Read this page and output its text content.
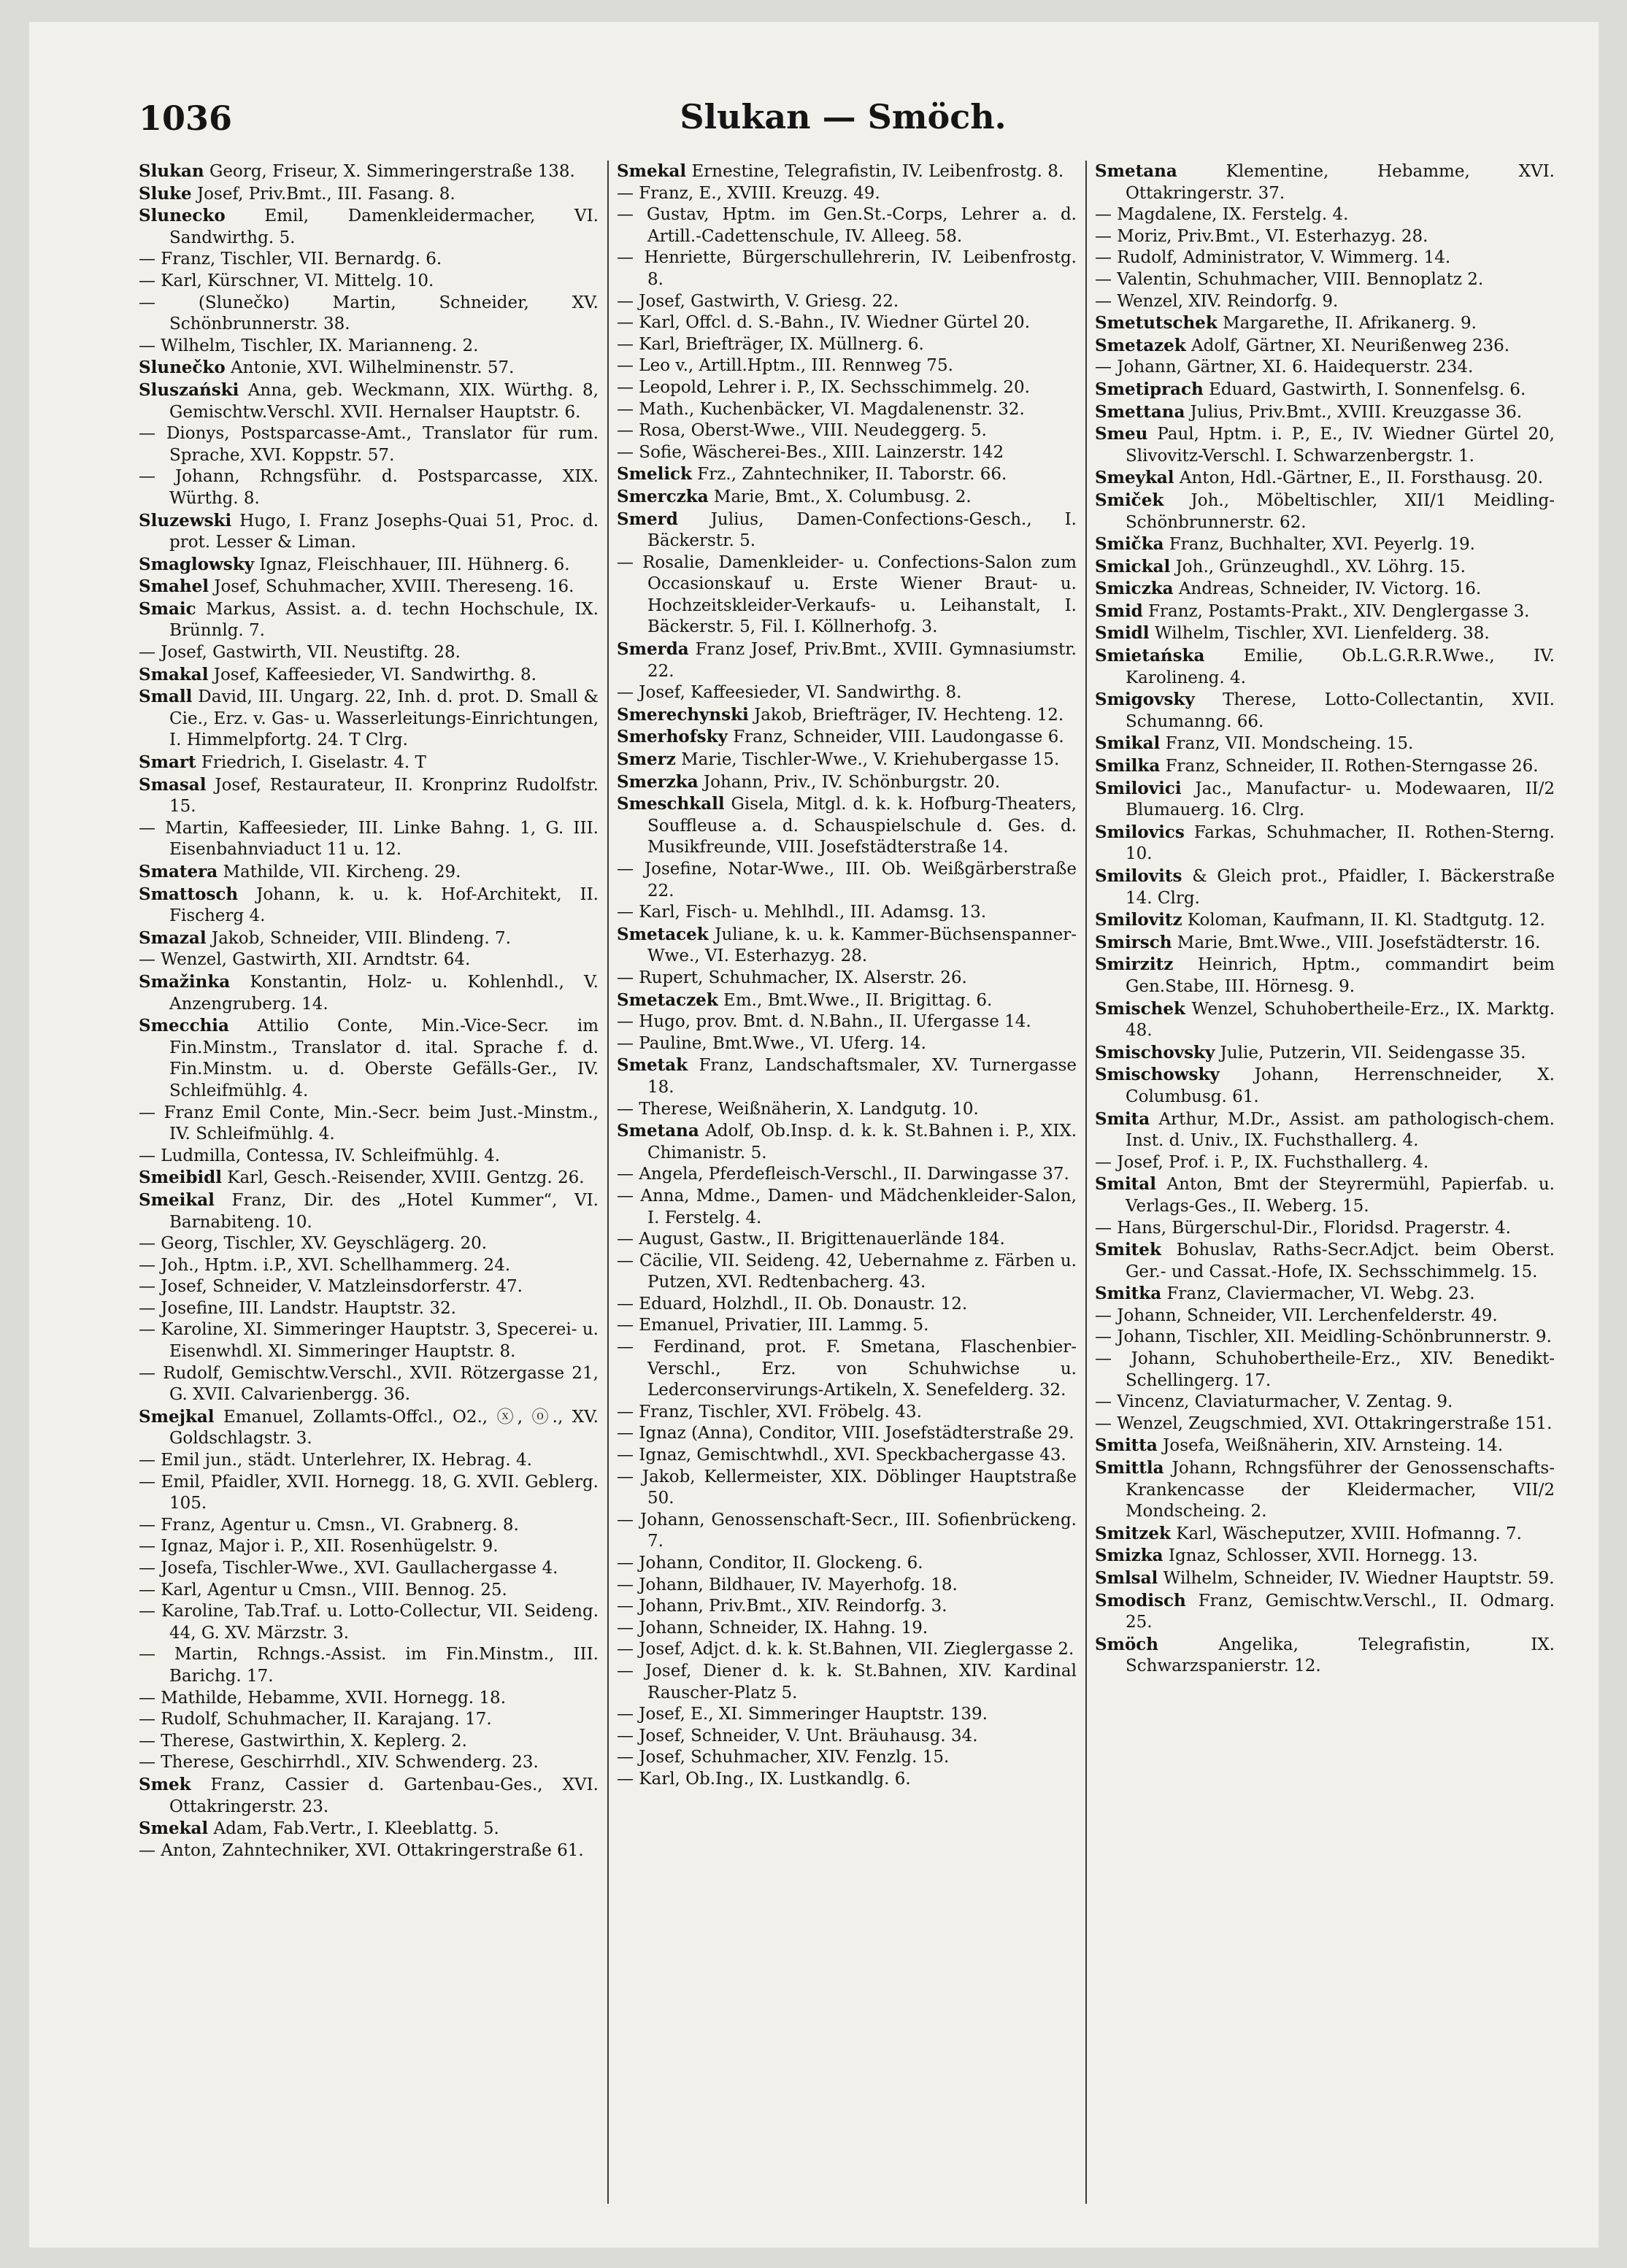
1036	Slukan — Smöch.
Slukan Georg, Friseur, X. Simmeringerstraße 138.
Sluke Josef, Priv.Bmt., III. Fasang. 8.
Slunecko Emil, Damenkleidermacher, VI. Sandwirthg. 5.
— Franz, Tischler, VII. Bernardg. 6.
— Karl, Kürschner, VI. Mittelg. 10.
— (Slunečko) Martin, Schneider, XV. Schönbrunnerstr. 38.
— Wilhelm, Tischler, IX. Marianneng. 2.
Slunečko Antonie, XVI. Wilhelminenstr. 57.
Sluszański Anna, geb. Weckmann, XIX. Würthg. 8, Gemischtw.Verschl. XVII. Hernalser Hauptstr. 6.
— Dionys, Postsparcasse-Amt., Translator für rum. Sprache, XVI. Koppstr. 57.
— Johann, Rchngsführ. d. Postsparcasse, XIX. Würthg. 8.
Sluzewski Hugo, I. Franz Josephs-Quai 51, Proc. d. prot. Lesser & Liman.
Smaglowsky Ignaz, Fleischhauer, III. Hühnerg. 6.
Smahel Josef, Schuhmacher, XVIII. Thereseng. 16.
Smaic Markus, Assist. a. d. techn Hochschule, IX. Brünnlg. 7.
— Josef, Gastwirth, VII. Neustiftg. 28.
Smakal Josef, Kaffeesieder, VI. Sandwirthg. 8.
Small David, III. Ungarg. 22, Inh. d. prot. D. Small & Cie., Erz. v. Gas- u. Wasserleitungs-Einrichtungen, I. Himmelpfortg. 24. T Clrg.
Smart Friedrich, I. Giselastr. 4. T
Smasal Josef, Restaurateur, II. Kronprinz Rudolfstr. 15.
— Martin, Kaffeesieder, III. Linke Bahng. 1, G. III. Eisenbahnviaduct 11 u. 12.
Smatera Mathilde, VII. Kircheng. 29.
Smattosch Johann, k. u. k. Hof-Architekt, II. Fischerg 4.
Smazal Jakob, Schneider, VIII. Blindeng. 7.
— Wenzel, Gastwirth, XII. Arndtstr. 64.
Smažinka Konstantin, Holz- u. Kohlenhdl., V. Anzengruberg. 14.
Smecchia Attilio Conte, Min.-Vice-Secr. im Fin.Minstm., Translator d. ital. Sprache f. d. Fin.Minstm. u. d. Oberste Gefälls-Ger., IV. Schleifmühlg. 4.
— Franz Emil Conte, Min.-Secr. beim Just.-Minstm., IV. Schleifmühlg. 4.
— Ludmilla, Contessa, IV. Schleifmühlg. 4.
Smeibidl Karl, Gesch.-Reisender, XVIII. Gentzg. 26.
Smeikal Franz, Dir. des „Hotel Kummer“, VI. Barnabiteng. 10.
— Georg, Tischler, XV. Geyschlägerg. 20.
— Joh., Hptm. i.P., XVI. Schellhammerg. 24.
— Josef, Schneider, V. Matzleinsdorferstr. 47.
— Josefine, III. Landstr. Hauptstr. 32.
— Karoline, XI. Simmeringer Hauptstr. 3, Specerei- u. Eisenwhdl. XI. Simmeringer Hauptstr. 8.
— Rudolf, Gemischtw.Verschl., XVII. Rötzergasse 21, G. XVII. Calvarienbergg. 36.
Smejkal Emanuel, Zollamts-Offcl., O2., ⓧ, ⓞ., XV. Goldschlagstr. 3.
— Emil jun., städt. Unterlehrer, IX. Hebrag. 4.
— Emil, Pfaidler, XVII. Hornegg. 18, G. XVII. Geblerg. 105.
— Franz, Agentur u. Cmsn., VI. Grabnerg. 8.
— Ignaz, Major i. P., XII. Rosenhügelstr. 9.
— Josefa, Tischler-Wwe., XVI. Gaullachergasse 4.
— Karl, Agentur u Cmsn., VIII. Bennog. 25.
— Karoline, Tab.Traf. u. Lotto-Collectur, VII. Seideng. 44, G. XV. Märzstr. 3.
— Martin, Rchngs.-Assist. im Fin.Minstm., III. Barichg. 17.
— Mathilde, Hebamme, XVII. Hornegg. 18.
— Rudolf, Schuhmacher, II. Karajang. 17.
— Therese, Gastwirthin, X. Keplerg. 2.
— Therese, Geschirrhdl., XIV. Schwenderg. 23.
Smek Franz, Cassier d. Gartenbau-Ges., XVI. Ottakringerstr. 23.
Smekal Adam, Fab.Vertr., I. Kleeblattg. 5.
— Anton, Zahntechniker, XVI. Ottakringerstraße 61.
Smekal Ernestine, Telegrafistin, IV. Leibenfrostg. 8.
— Franz, E., XVIII. Kreuzg. 49.
— Gustav, Hptm. im Gen.St.-Corps, Lehrer a. d. Artill.-Cadettenschule, IV. Alleeg. 58.
— Henriette, Bürgerschullehrerin, IV. Leibenfrostg. 8.
— Josef, Gastwirth, V. Griesg. 22.
— Karl, Offcl. d. S.-Bahn., IV. Wiedner Gürtel 20.
— Karl, Briefträger, IX. Müllnerg. 6.
— Leo v., Artill.Hptm., III. Rennweg 75.
— Leopold, Lehrer i. P., IX. Sechsschimmelg. 20.
— Math., Kuchenbäcker, VI. Magdalenenstr. 32.
— Rosa, Oberst-Wwe., VIII. Neudeggerg. 5.
— Sofie, Wäscherei-Bes., XIII. Lainzerstr. 142
Smelick Frz., Zahntechniker, II. Taborstr. 66.
Smerczka Marie, Bmt., X. Columbusg. 2.
Smerd Julius, Damen-Confections-Gesch., I. Bäckerstr. 5.
— Rosalie, Damenkleider- u. Confections-Salon zum Occasionskauf u. Erste Wiener Braut- u. Hochzeitskleider-Verkaufs- u. Leihanstalt, I. Bäckerstr. 5, Fil. I. Köllnerhofg. 3.
Smerda Franz Josef, Priv.Bmt., XVIII. Gymnasiumstr. 22.
— Josef, Kaffeesieder, VI. Sandwirthg. 8.
Smerechynski Jakob, Briefträger, IV. Hechteng. 12.
Smerhofsky Franz, Schneider, VIII. Laudongasse 6.
Smerz Marie, Tischler-Wwe., V. Kriehubergasse 15.
Smerzka Johann, Priv., IV. Schönburgstr. 20.
Smeschkall Gisela, Mitgl. d. k. k. Hofburg-Theaters, Souffleuse a. d. Schauspielschule d. Ges. d. Musikfreunde, VIII. Josefstädterstraße 14.
— Josefine, Notar-Wwe., III. Ob. Weißgärberstraße 22.
— Karl, Fisch- u. Mehlhdl., III. Adamsg. 13.
Smetacek Juliane, k. u. k. Kammer-Büchsenspanner-Wwe., VI. Esterhazyg. 28.
— Rupert, Schuhmacher, IX. Alserstr. 26.
Smetaczek Em., Bmt.Wwe., II. Brigittag. 6.
— Hugo, prov. Bmt. d. N.Bahn., II. Ufergasse 14.
— Pauline, Bmt.Wwe., VI. Uferg. 14.
Smetak Franz, Landschaftsmaler, XV. Turnergasse 18.
— Therese, Weißnäherin, X. Landgutg. 10.
Smetana Adolf, Ob.Insp. d. k. k. St.Bahnen i. P., XIX. Chimanistr. 5.
— Angela, Pferdefleisch-Verschl., II. Darwingasse 37.
— Anna, Mdme., Damen- und Mädchenkleider-Salon, I. Ferstelg. 4.
— August, Gastw., II. Brigittenauerlände 184.
— Cäcilie, VII. Seideng. 42, Uebernahme z. Färben u. Putzen, XVI. Redtenbacherg. 43.
— Eduard, Holzhdl., II. Ob. Donaustr. 12.
— Emanuel, Privatier, III. Lammg. 5.
— Ferdinand, prot. F. Smetana, Flaschenbier-Verschl., Erz. von Schuhwichse u. Lederconservirungs-Artikeln, X. Senefelderg. 32.
— Franz, Tischler, XVI. Fröbelg. 43.
— Ignaz (Anna), Conditor, VIII. Josefstädterstraße 29.
— Ignaz, Gemischtwhdl., XVI. Speckbachergasse 43.
— Jakob, Kellermeister, XIX. Döblinger Hauptstraße 50.
— Johann, Genossenschaft-Secr., III. Sofienbrückeng. 7.
— Johann, Conditor, II. Glockeng. 6.
— Johann, Bildhauer, IV. Mayerhofg. 18.
— Johann, Priv.Bmt., XIV. Reindorfg. 3.
— Johann, Schneider, IX. Hahng. 19.
— Josef, Adjct. d. k. k. St.Bahnen, VII. Zieglergasse 2.
— Josef, Diener d. k. k. St.Bahnen, XIV. Kardinal Rauscher-Platz 5.
— Josef, E., XI. Simmeringer Hauptstr. 139.
— Josef, Schneider, V. Unt. Bräuhausg. 34.
— Josef, Schuhmacher, XIV. Fenzlg. 15.
— Karl, Ob.Ing., IX. Lustkandlg. 6.
Smetana Klementine, Hebamme, XVI. Ottakringerstr. 37.
— Magdalene, IX. Ferstelg. 4.
— Moriz, Priv.Bmt., VI. Esterhazyg. 28.
— Rudolf, Administrator, V. Wimmerg. 14.
— Valentin, Schuhmacher, VIII. Bennoplatz 2.
— Wenzel, XIV. Reindorfg. 9.
Smetutschek Margarethe, II. Afrikanerg. 9.
Smetazek Adolf, Gärtner, XI. Neurißenweg 236.
— Johann, Gärtner, XI. 6. Haidequerstr. 234.
Smetiprach Eduard, Gastwirth, I. Sonnenfelsg. 6.
Smettana Julius, Priv.Bmt., XVIII. Kreuzgasse 36.
Smeu Paul, Hptm. i. P., E., IV. Wiedner Gürtel 20, Slivovitz-Verschl. I. Schwarzenbergstr. 1.
Smeykal Anton, Hdl.-Gärtner, E., II. Forsthausg. 20.
Smiček Joh., Möbeltischler, XII/1 Meidling-Schönbrunnerstr. 62.
Smička Franz, Buchhalter, XVI. Peyerlg. 19.
Smickal Joh., Grünzeughdl., XV. Löhrg. 15.
Smiczka Andreas, Schneider, IV. Victorg. 16.
Smid Franz, Postamts-Prakt., XIV. Denglergasse 3.
Smidl Wilhelm, Tischler, XVI. Lienfelderg. 38.
Smietańska Emilie, Ob.L.G.R.R.Wwe., IV. Karolineng. 4.
Smigovsky Therese, Lotto-Collectantin, XVII. Schumanng. 66.
Smikal Franz, VII. Mondscheing. 15.
Smilka Franz, Schneider, II. Rothen-Sterngasse 26.
Smilovici Jac., Manufactur- u. Modewaaren, II/2 Blumauerg. 16. Clrg.
Smilovics Farkas, Schuhmacher, II. Rothen-Sterng. 10.
Smilovits & Gleich prot., Pfaidler, I. Bäckerstraße 14. Clrg.
Smilovitz Koloman, Kaufmann, II. Kl. Stadtgutg. 12.
Smirsch Marie, Bmt.Wwe., VIII. Josefstädterstr. 16.
Smirzitz Heinrich, Hptm., commandirt beim Gen.Stabe, III. Hörnesg. 9.
Smischek Wenzel, Schuhobertheile-Erz., IX. Marktg. 48.
Smischovsky Julie, Putzerin, VII. Seidengasse 35.
Smischowsky Johann, Herrenschneider, X. Columbusg. 61.
Smita Arthur, M.Dr., Assist. am pathologisch-chem. Inst. d. Univ., IX. Fuchsthallerg. 4.
— Josef, Prof. i. P., IX. Fuchsthallerg. 4.
Smital Anton, Bmt der Steyrermühl, Papierfab. u. Verlags-Ges., II. Weberg. 15.
— Hans, Bürgerschul-Dir., Floridsd. Pragerstr. 4.
Smitek Bohuslav, Raths-Secr.Adjct. beim Oberst. Ger.- und Cassat.-Hofe, IX. Sechsschimmelg. 15.
Smitka Franz, Claviermacher, VI. Webg. 23.
— Johann, Schneider, VII. Lerchenfelderstr. 49.
— Johann, Tischler, XII. Meidling-Schönbrunnerstr. 9.
— Johann, Schuhobertheile-Erz., XIV. Benedikt-Schellingerg. 17.
— Vincenz, Claviaturmacher, V. Zentag. 9.
— Wenzel, Zeugschmied, XVI. Ottakringerstraße 151.
Smitta Josefa, Weißnäherin, XIV. Arnsteing. 14.
Smittla Johann, Rchngsführer der Genossenschafts-Krankencasse der Kleidermacher, VII/2 Mondscheing. 2.
Smitzek Karl, Wäscheputzer, XVIII. Hofmanng. 7.
Smizka Ignaz, Schlosser, XVII. Hornegg. 13.
Smlsal Wilhelm, Schneider, IV. Wiedner Hauptstr. 59.
Smodisch Franz, Gemischtw.Verschl., II. Odmarg. 25.
Smöch Angelika, Telegrafistin, IX. Schwarzspanierstr. 12.
